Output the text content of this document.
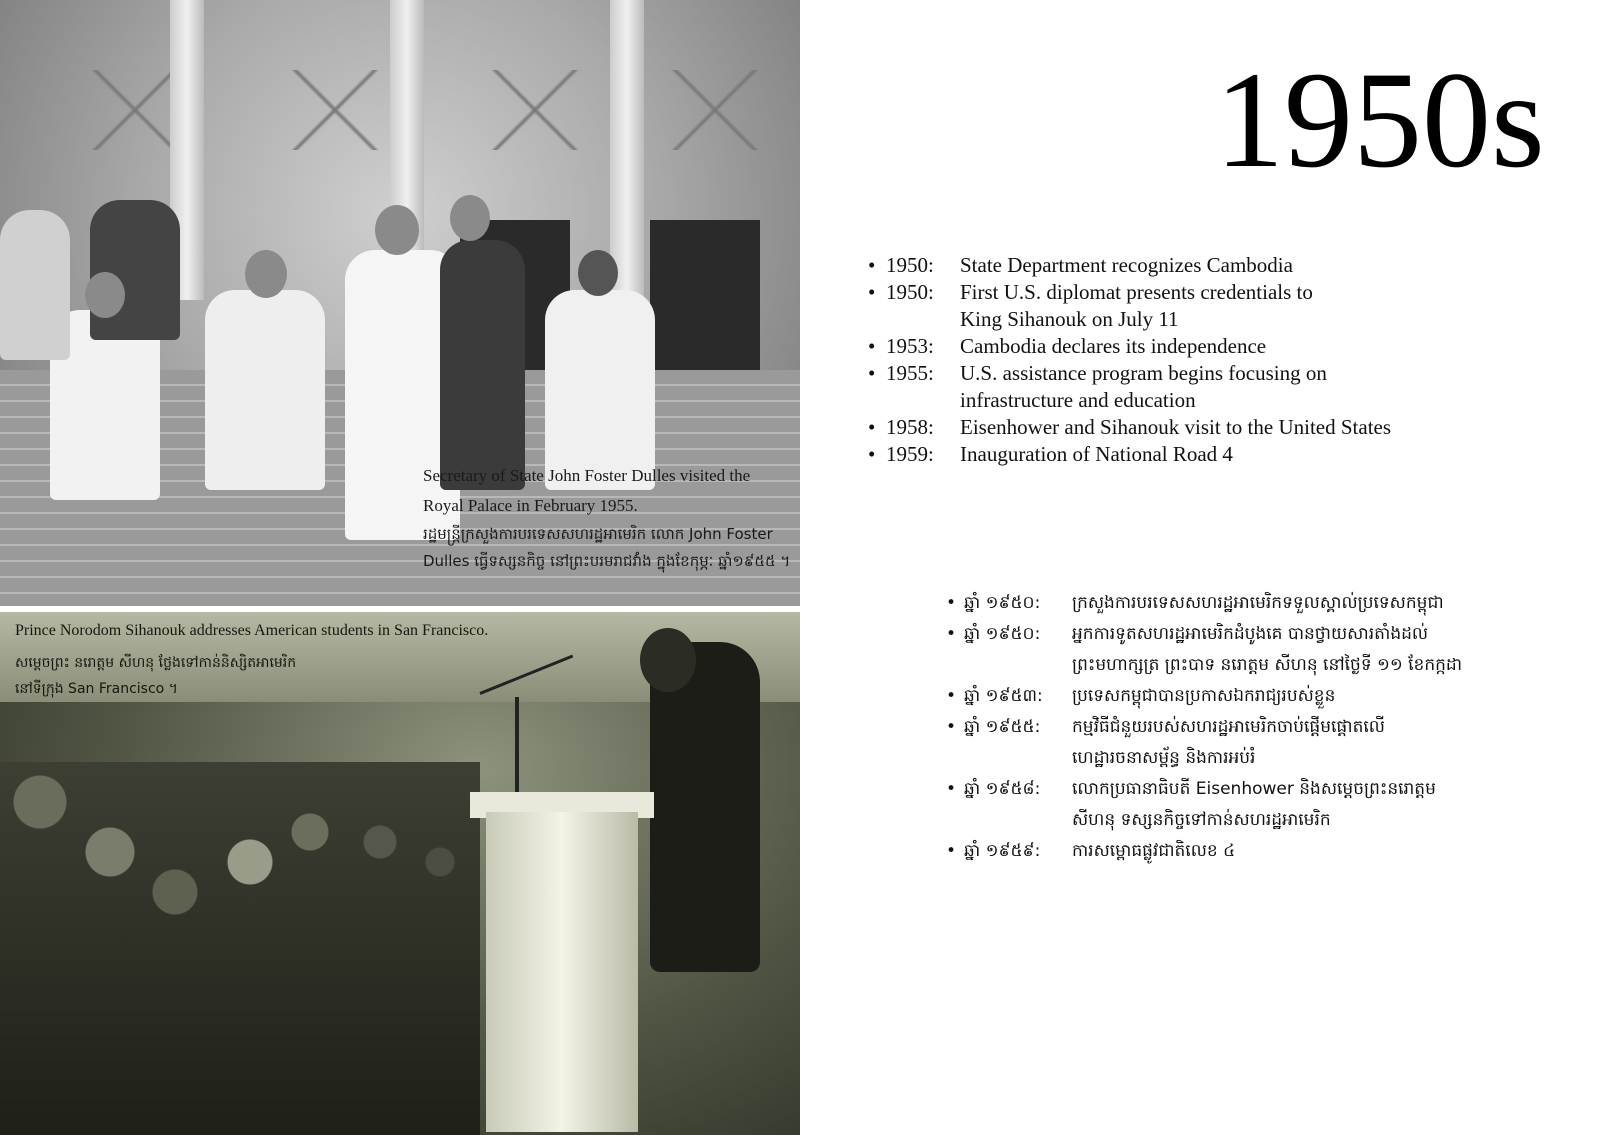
Secretary of State John Foster Dulles visited the Royal Palace in February 1955.
រដ្ឋមន្ត្រីក្រសួងការបរទេសសហរដ្ឋអាមេរិក លោក John Foster Dulles ធ្វើទស្សនកិច្ច នៅព្រះបរមរាជវាំង ក្នុងខែកុម្ភៈ ឆ្នាំ១៩៥៥ ។
Prince Norodom Sihanouk addresses American students in San Francisco.
សម្តេចព្រះ នរោត្តម សីហនុ ថ្លែងទៅកាន់និស្សិតអាមេរិក
នៅទីក្រុង San Francisco ។
1950s
• 1950: State Department recognizes Cambodia
• 1950: First U.S. diplomat presents credentials to
King Sihanouk on July 11
• 1953: Cambodia declares its independence
• 1955: U.S. assistance program begins focusing on
infrastructure and education
• 1958: Eisenhower and Sihanouk visit to the United States
• 1959: Inauguration of National Road 4
• ឆ្នាំ ១៩៥០: ក្រសួងការបរទេសសហរដ្ឋអាមេរិកទទួលស្គាល់ប្រទេសកម្ពុជា
• ឆ្នាំ ១៩៥០: អ្នកការទូតសហរដ្ឋអាមេរិកដំបូងគេ បានថ្វាយសារតាំងដល់
ព្រះមហាក្សត្រ ព្រះបាទ នរោត្តម សីហនុ នៅថ្ងៃទី ១១ ខែកក្កដា
• ឆ្នាំ ១៩៥៣: ប្រទេសកម្ពុជាបានប្រកាសឯករាជ្យរបស់ខ្លួន
• ឆ្នាំ ១៩៥៥: កម្មវិធីជំនួយរបស់សហរដ្ឋអាមេរិកចាប់ផ្តើមផ្តោតលើ
ហេដ្ឋារចនាសម្ព័ន្ធ និងការអប់រំ
• ឆ្នាំ ១៩៥៨: លោកប្រធានាធិបតី Eisenhower និងសម្តេចព្រះនរោត្តម
សីហនុ ទស្សនកិច្ចទៅកាន់សហរដ្ឋអាមេរិក
• ឆ្នាំ ១៩៥៩: ការសម្ពោធផ្លូវជាតិលេខ ៤
